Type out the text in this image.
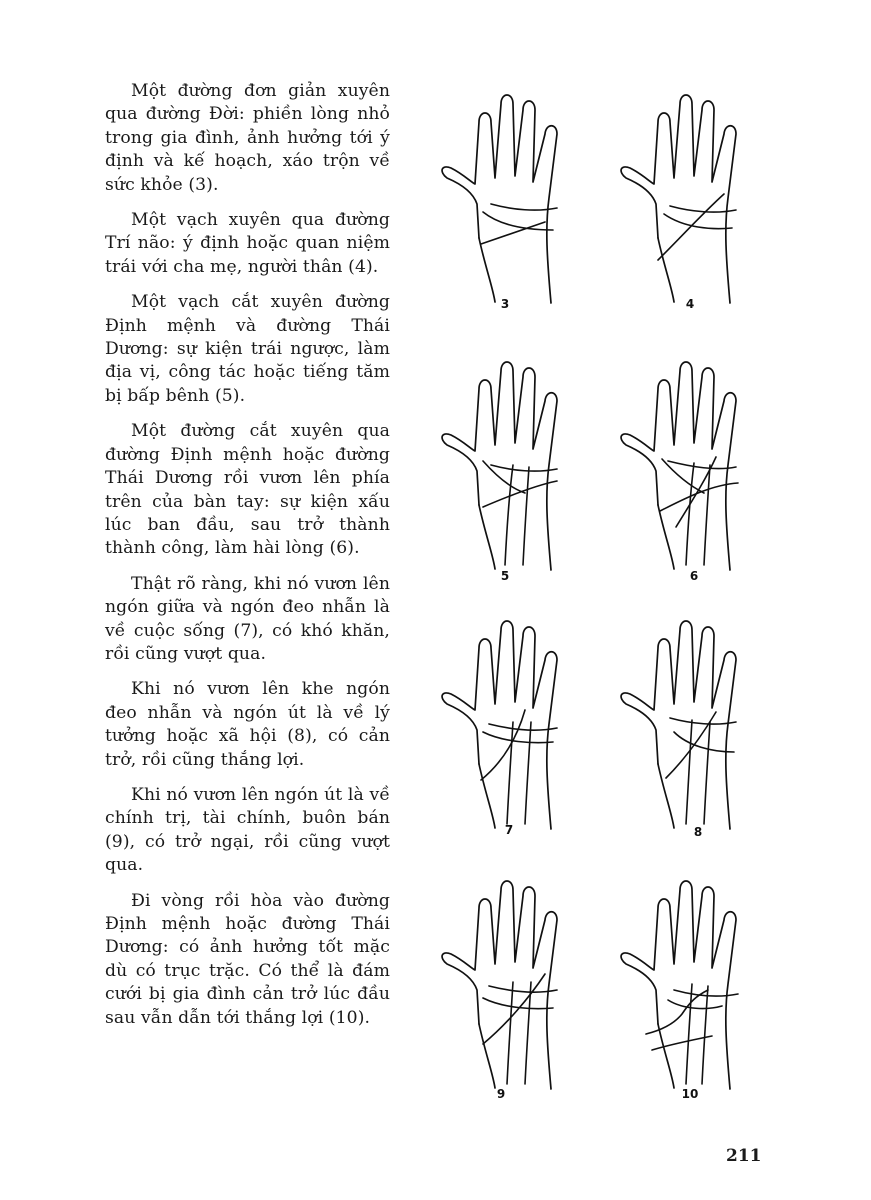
Một đường đơn giản xuyên qua đường Đời: phiền lòng nhỏ trong gia đình, ảnh hưởng tới ý định và kế hoạch, xáo trộn về sức khỏe (3).

Một vạch xuyên qua đường Trí não: ý định hoặc quan niệm trái với cha mẹ, người thân (4).

Một vạch cắt xuyên đường Định mệnh và đường Thái Dương: sự kiện trái ngược, làm địa vị, công tác hoặc tiếng tăm bị bấp bênh (5).

Một đường cắt xuyên qua đường Định mệnh hoặc đường Thái Dương rồi vươn lên phía trên của bàn tay: sự kiện xấu lúc ban đầu, sau trở thành thành công, làm hài lòng (6).

Thật rõ ràng, khi nó vươn lên ngón giữa và ngón đeo nhẫn là về cuộc sống (7), có khó khăn, rồi cũng vượt qua.

Khi nó vươn lên khe ngón đeo nhẫn và ngón út là về lý tưởng hoặc xã hội (8), có cản trở, rồi cũng thắng lợi.

Khi nó vươn lên ngón út là về chính trị, tài chính, buôn bán (9), có trở ngại, rồi cũng vượt qua.

Đi vòng rồi hòa vào đường Định mệnh hoặc đường Thái Dương: có ảnh hưởng tốt mặc dù có trục trặc. Có thể là đám cưới bị gia đình cản trở lúc đầu sau vẫn dẫn tới thắng lợi (10).

3	4
5	6
7	8
9	10
211
